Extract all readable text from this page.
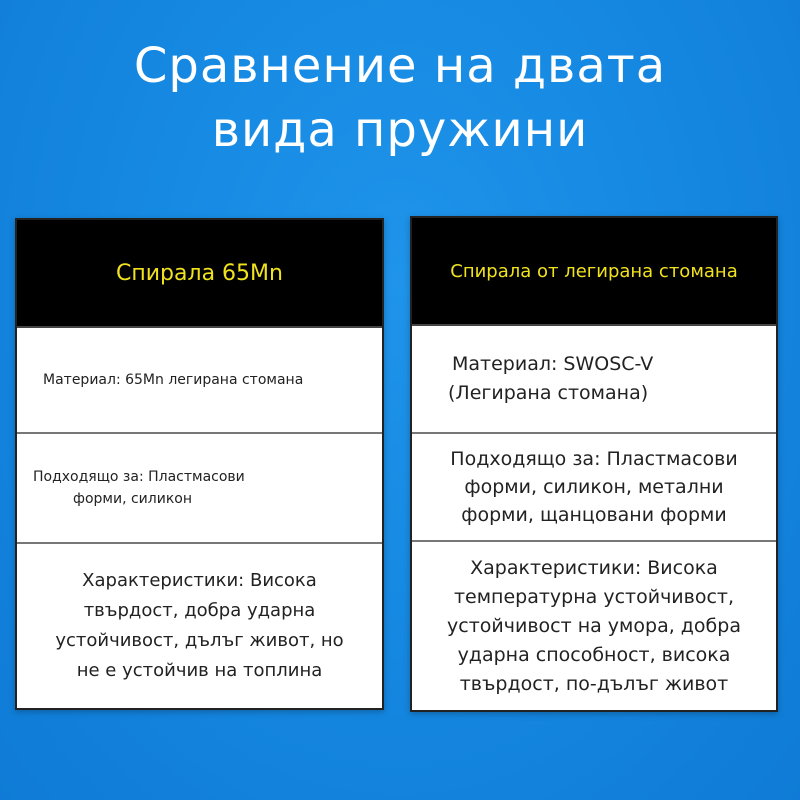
Сравнение на двата
вида пружини
Спирала 65Mn
Материал: 65Mn легирана стомана
Подходящо за: Пластмасови
форми, силикон
Характеристики: Висока
твърдост, добра ударна
устойчивост, дълъг живот, но
не е устойчив на топлина
Спирала от легирана стомана
Материал: SWOSC-V
(Легирана стомана)
Подходящо за: Пластмасови
форми, силикон, метални
форми, щанцовани форми
Характеристики: Висока
температурна устойчивост,
устойчивост на умора, добра
ударна способност, висока
твърдост, по-дълъг живот
